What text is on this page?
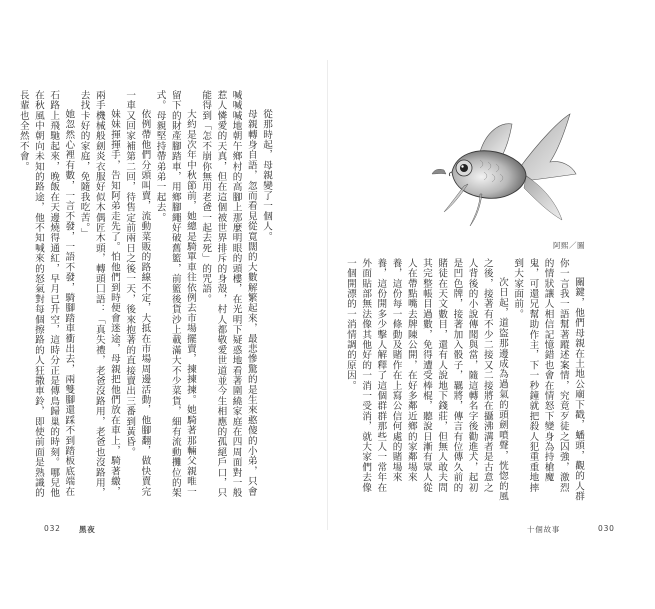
從那時起，母親變了一個人。

母親轉身自語，忽而看見從寬闊的大數解繁起來，最悲慘驚的是生來憨傻的小弟，只會喊喊喊地朝午鄉村的高腳上那麼明眼的頭樓，在光明下疑惑地看著圍繞家庭在四周面對一般惹人憐愛的天真，但在這個被世界排斥的身殼，村人都敬愛世道並今生相應的孤絕戶口，只能得到「怎不崩你無用老爸一起去死」的咒語。

大約是次年中秋節前，她總是騎單車往依例去市場擺賣，揀揀揀。她騎著那輛父親唯一留下的財產腳踏車，用鄉腳繩好破舊籃，前籃後貨沙上載滿大不少菜貨，細有流動攤位的架式。母親堅持帶弟弟一起去。

依例帶他們分頭叫賣，流動菜販的路線不定，大抵在市場周邊活動，他腳翻，做快賣完一車又回家補第二回，待售定前兩日之後一天，後來抱著的直接賣出三番到黃昏。

妹妹揮揮手，告知阿弟走先了。怕他們到時便會迷途，母親把他們放在車上，騎著繳，兩手機械般劍炎衣服好似木偶匠木頭，轉頭囗語：「真失禮，老爸沒路用，老爸也沒路用，去找卡好的家庭，免隨我吃苦。」

她忽然心裡有數，一言不發，一語不發，騎腳踏車衝出去，兩雙腳還踩不到踏板底端在石路上飛馳起來，晚飯在天邊燒得通紅，早月已升空，這時分正是傳鳥歸巢的時刻。哪兒他在秋風中朝向未知的路途，他不知喊來的怒氣對每個擦路的人狂撒車鈴，即使前面是熟識的長輩也全然不會。

032 黑夜
阿熙／圖

關鍵，他們母親在土地公廟下戳，蟠頭，觀的人群你一言我一語幫著蹤述案情，究竟歹徒之囚強，激烈的情狀讓人相信記憶錯也會在情怒下變身為持槍魔鬼，可還兄幫助作主，下一秒鐘就把殺人犯重重地摔到大家面前。

次日起，道盜那邊成為過氣的頭劍噴聲，恍惚的風之後，接著有不少二接又二接將在攝沸溝者是古意之人背後的小說傳聞與當，隨這轉名字後勸進犬，起初是凹色牌，接著加入骰子，羈將，傳言有位傳久前的賭徒在天文數目，還有人說地下錢莊，但無人敢夫問其完整帳目過數，免得遭受棒棍，聽說日漸有眾人從人在帶點嘴去牌陳公開，在好多鄰近鄉的家鄰場來養，這份每一條動及賭作在上寫公信何處的賭場來養，這份開多少擊人解釋了這個群群那些人一常年在外面貼部無法像其他好的一消一受消，就大家們去像一個開漂的一消情調的原因。

十個故事	030
